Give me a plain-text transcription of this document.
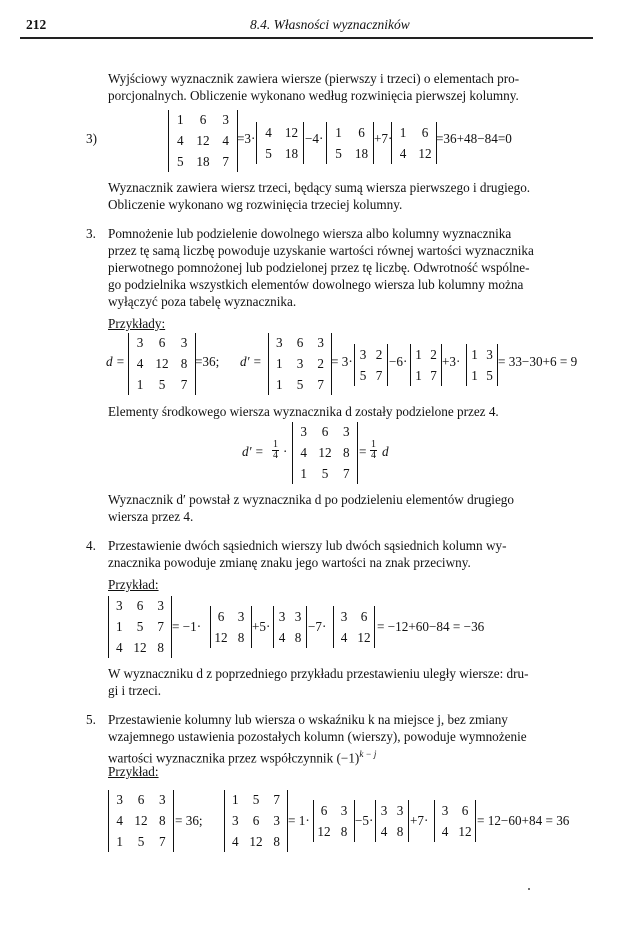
212	8.4. Własności wyznaczników
Wyjściowy wyznacznik zawiera wiersze (pierwszy i trzeci) o elementach pro-
porcjonalnych. Obliczenie wykonano według rozwinięcia pierwszej kolumny.
3)
1	6	3
4 12 4
5 18 7
=3· 4 12
5 18
−4· 1	6
5 18
+7· 1	6
4 12
=36+48−84=0
Wyznacznik zawiera wiersz trzeci, będący sumą wiersza pierwszego i drugiego.
Obliczenie wykonano wg rozwinięcia trzeciej kolumny.
3. Pomnożenie lub podzielenie dowolnego wiersza albo kolumny wyznacznika
przez tę samą liczbę powoduje uzyskanie wartości równej wartości wyznacznika
pierwotnego pomnożonej lub podzielonej przez tę liczbę. Odwrotność wspólne-
go podzielnika wszystkich elementów dowolnego wiersza lub kolumny można
wyłączyć poza tabelę wyznacznika.
Przykłady:
d =
3	6	3
4 12 8
1	5	7
=36; d′ =
3	6	3
1	3	2
1	5	7
= 3· 3 2
5 7
−6· 1 2
1 7
+3· 1 3
1 5
= 33−30+6 = 9
Elementy środkowego wiersza wyznacznika d zostały podzielone przez 4.
$d' = \frac{1}{4}$ ·
3	6	3
4 12 8
1	5	7
= $\frac{1}{4}$ d
Wyznacznik d′ powstał z wyznacznika d po podzieleniu elementów drugiego
wiersza przez 4.
4. Przestawienie dwóch sąsiednich wierszy lub dwóch sąsiednich kolumn wy-
znacznika powoduje zmianę znaku jego wartości na znak przeciwny.
Przykład:
3	6	3
1	5	7
4 12 8
= −1·
6	3
12 8
+5·
3 3
4 8
−7·
3	6
4 12
= −12+60−84 = −36
W wyznaczniku d z poprzedniego przykładu przestawieniu uległy wiersze: dru-
gi i trzeci.
5. Przestawienie kolumny lub wiersza o wskaźniku k na miejsce j, bez zmiany
wzajemnego ustawienia pozostałych kolumn (wierszy), powoduje wymnożenie
wartości wyznacznika przez współczynnik $(-1)^{k - j}$
Przykład:
3	6	3
4 12 8
1	5	7
= 36;
1	5	7
3	6	3
4 12 8
= 1·
6	3
12 8
−5·
3 3
4 8
+7·
3	6
4 12
= 12−60+84 = 36
